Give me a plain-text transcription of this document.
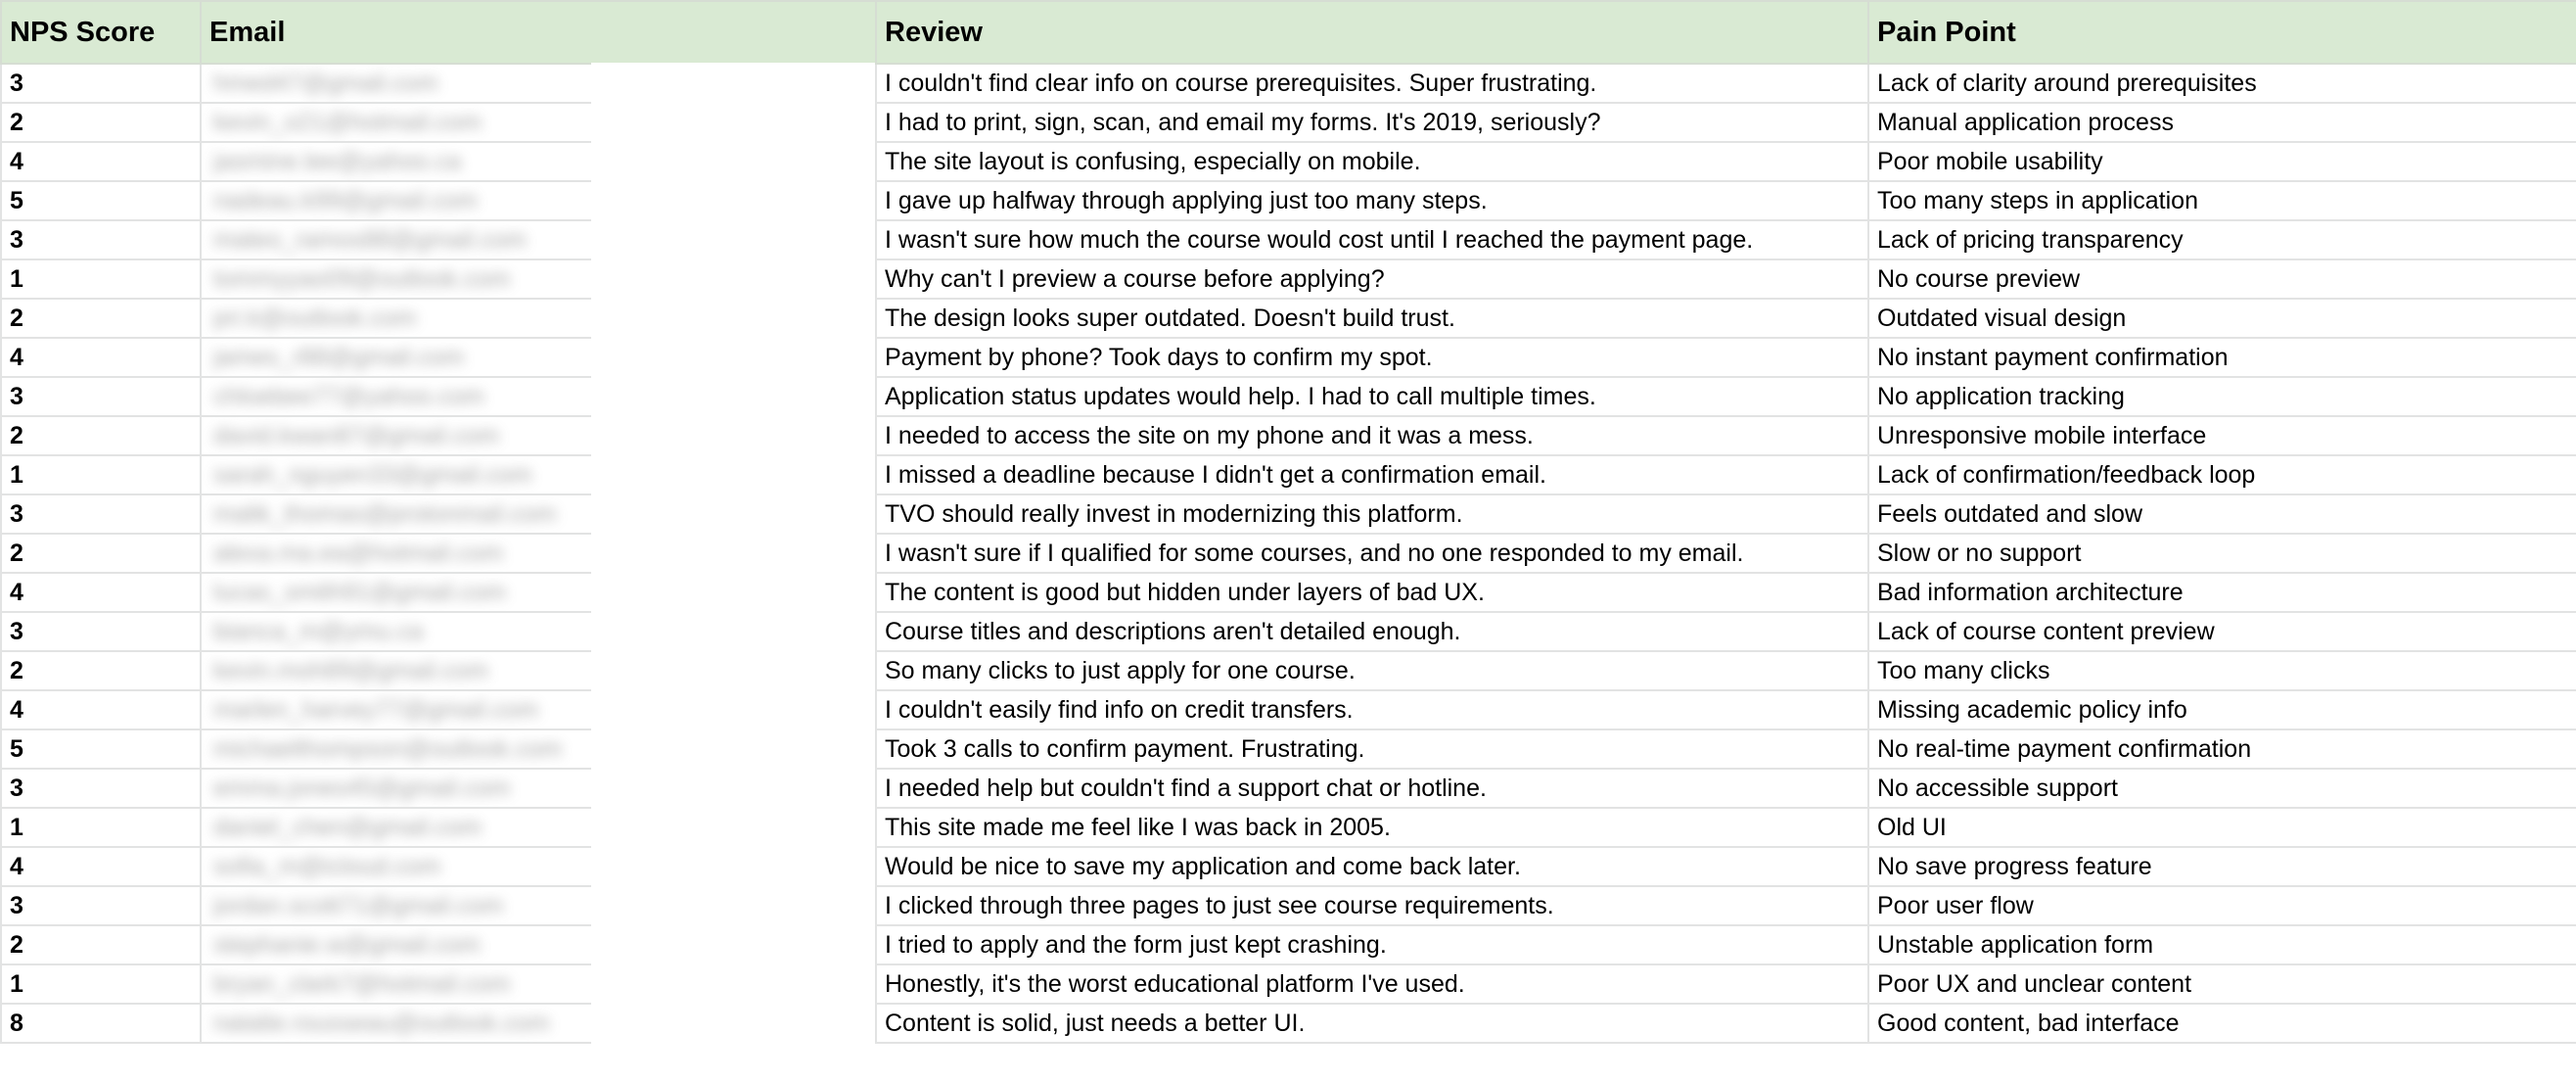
NPS Score	Email	Review	Pain Point
3	hmed47@gmail.com	I couldn't find clear info on course prerequisites. Super frustrating.	Lack of clarity around prerequisites
2	kevin_o21@hotmail.com	I had to print, sign, scan, and email my forms. It's 2019, seriously?	Manual application process
4	jasmine.lee@yahoo.ca	The site layout is confusing, especially on mobile.	Poor mobile usability
5	nadeau.k99@gmail.com	I gave up halfway through applying just too many steps.	Too many steps in application
3	mateo_ramos88@gmail.com	I wasn't sure how much the course would cost until I reached the payment page.	Lack of pricing transparency
1	tommyyao09@outlook.com	Why can't I preview a course before applying?	No course preview
2	pri.k@outlook.com	The design looks super outdated. Doesn't build trust.	Outdated visual design
4	james_r88@gmail.com	Payment by phone? Took days to confirm my spot.	No instant payment confirmation
3	chloebee77@yahoo.com	Application status updates would help. I had to call multiple times.	No application tracking
2	david.kwan87@gmail.com	I needed to access the site on my phone and it was a mess.	Unresponsive mobile interface
1	sarah_nguyen33@gmail.com	I missed a deadline because I didn't get a confirmation email.	Lack of confirmation/feedback loop
3	malik_thomas@protonmail.com	TVO should really invest in modernizing this platform.	Feels outdated and slow
2	alexa.ma.ea@hotmail.com	I wasn't sure if I qualified for some courses, and no one responded to my email.	Slow or no support
4	lucas_smith91@gmail.com	The content is good but hidden under layers of bad UX.	Bad information architecture
3	bianca_m@ymu.ca	Course titles and descriptions aren't detailed enough.	Lack of course content preview
2	kevin.moh89@gmail.com	So many clicks to just apply for one course.	Too many clicks
4	marlen_harvey77@gmail.com	I couldn't easily find info on credit transfers.	Missing academic policy info
5	michaelthompson@outlook.com	Took 3 calls to confirm payment. Frustrating.	No real-time payment confirmation
3	emma.jones45@gmail.com	I needed help but couldn't find a support chat or hotline.	No accessible support
1	daniel_chen@gmail.com	This site made me feel like I was back in 2005.	Old UI
4	sofia_m@icloud.com	Would be nice to save my application and come back later.	No save progress feature
3	jordan.scott71@gmail.com	I clicked through three pages to just see course requirements.	Poor user flow
2	stephanie.w@gmail.com	I tried to apply and the form just kept crashing.	Unstable application form
1	bryan_clark7@hotmail.com	Honestly, it's the worst educational platform I've used.	Poor UX and unclear content
8	natalie.rousseau@outlook.com	Content is solid, just needs a better UI.	Good content, bad interface
